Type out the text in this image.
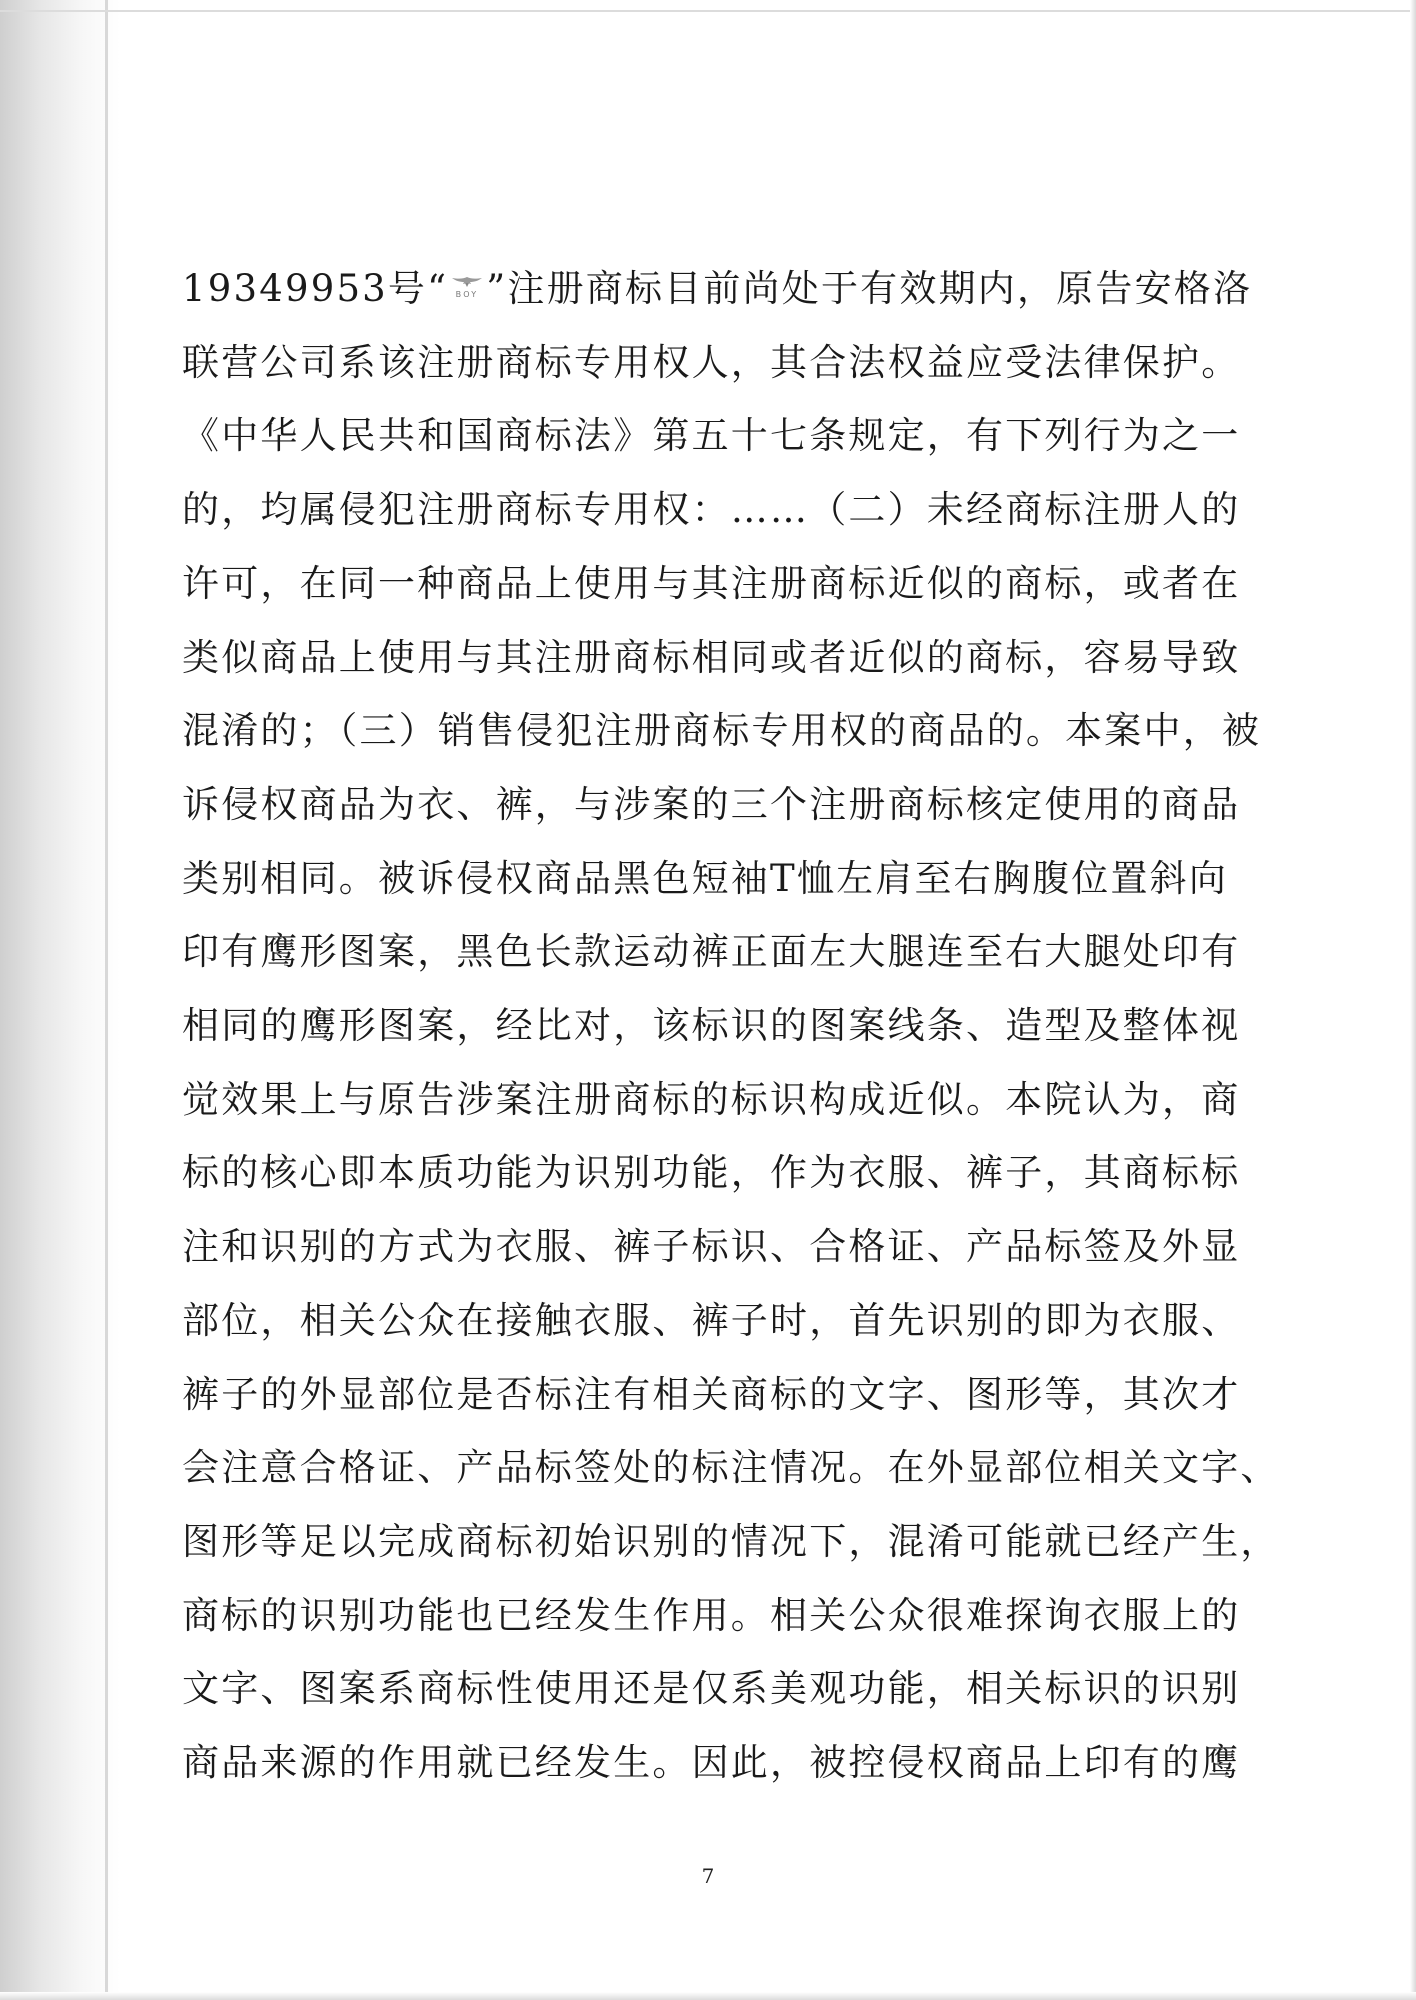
19349953号“ BOY ”注册商标目前尚处于有效期内，原告安格洛
联营公司系该注册商标专用权人，其合法权益应受法律保护。
《中华人民共和国商标法》第五十七条规定，有下列行为之一
的，均属侵犯注册商标专用权：……（二）未经商标注册人的
许可，在同一种商品上使用与其注册商标近似的商标，或者在
类似商品上使用与其注册商标相同或者近似的商标，容易导致
混淆的；（三）销售侵犯注册商标专用权的商品的。本案中，被
诉侵权商品为衣、裤，与涉案的三个注册商标核定使用的商品
类别相同。被诉侵权商品黑色短袖T恤左肩至右胸腹位置斜向
印有鹰形图案，黑色长款运动裤正面左大腿连至右大腿处印有
相同的鹰形图案，经比对，该标识的图案线条、造型及整体视
觉效果上与原告涉案注册商标的标识构成近似。本院认为，商
标的核心即本质功能为识别功能，作为衣服、裤子，其商标标
注和识别的方式为衣服、裤子标识、合格证、产品标签及外显
部位，相关公众在接触衣服、裤子时，首先识别的即为衣服、
裤子的外显部位是否标注有相关商标的文字、图形等，其次才
会注意合格证、产品标签处的标注情况。在外显部位相关文字、
图形等足以完成商标初始识别的情况下，混淆可能就已经产生，
商标的识别功能也已经发生作用。相关公众很难探询衣服上的
文字、图案系商标性使用还是仅系美观功能，相关标识的识别
商品来源的作用就已经发生。因此，被控侵权商品上印有的鹰
7
